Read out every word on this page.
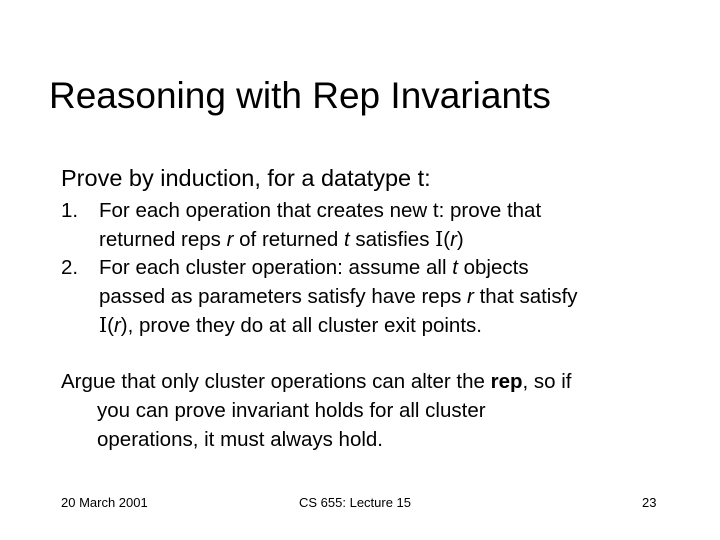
Reasoning with Rep Invariants
Prove by induction, for a datatype t:
1. For each operation that creates new t: prove that
returned reps r of returned t satisfies I(r)
2. For each cluster operation: assume all t objects
passed as parameters satisfy have reps r that satisfy
I(r), prove they do at all cluster exit points.
Argue that only cluster operations can alter the rep, so if
you can prove invariant holds for all cluster
operations, it must always hold.
20 March 2001	CS 655: Lecture 15	23
